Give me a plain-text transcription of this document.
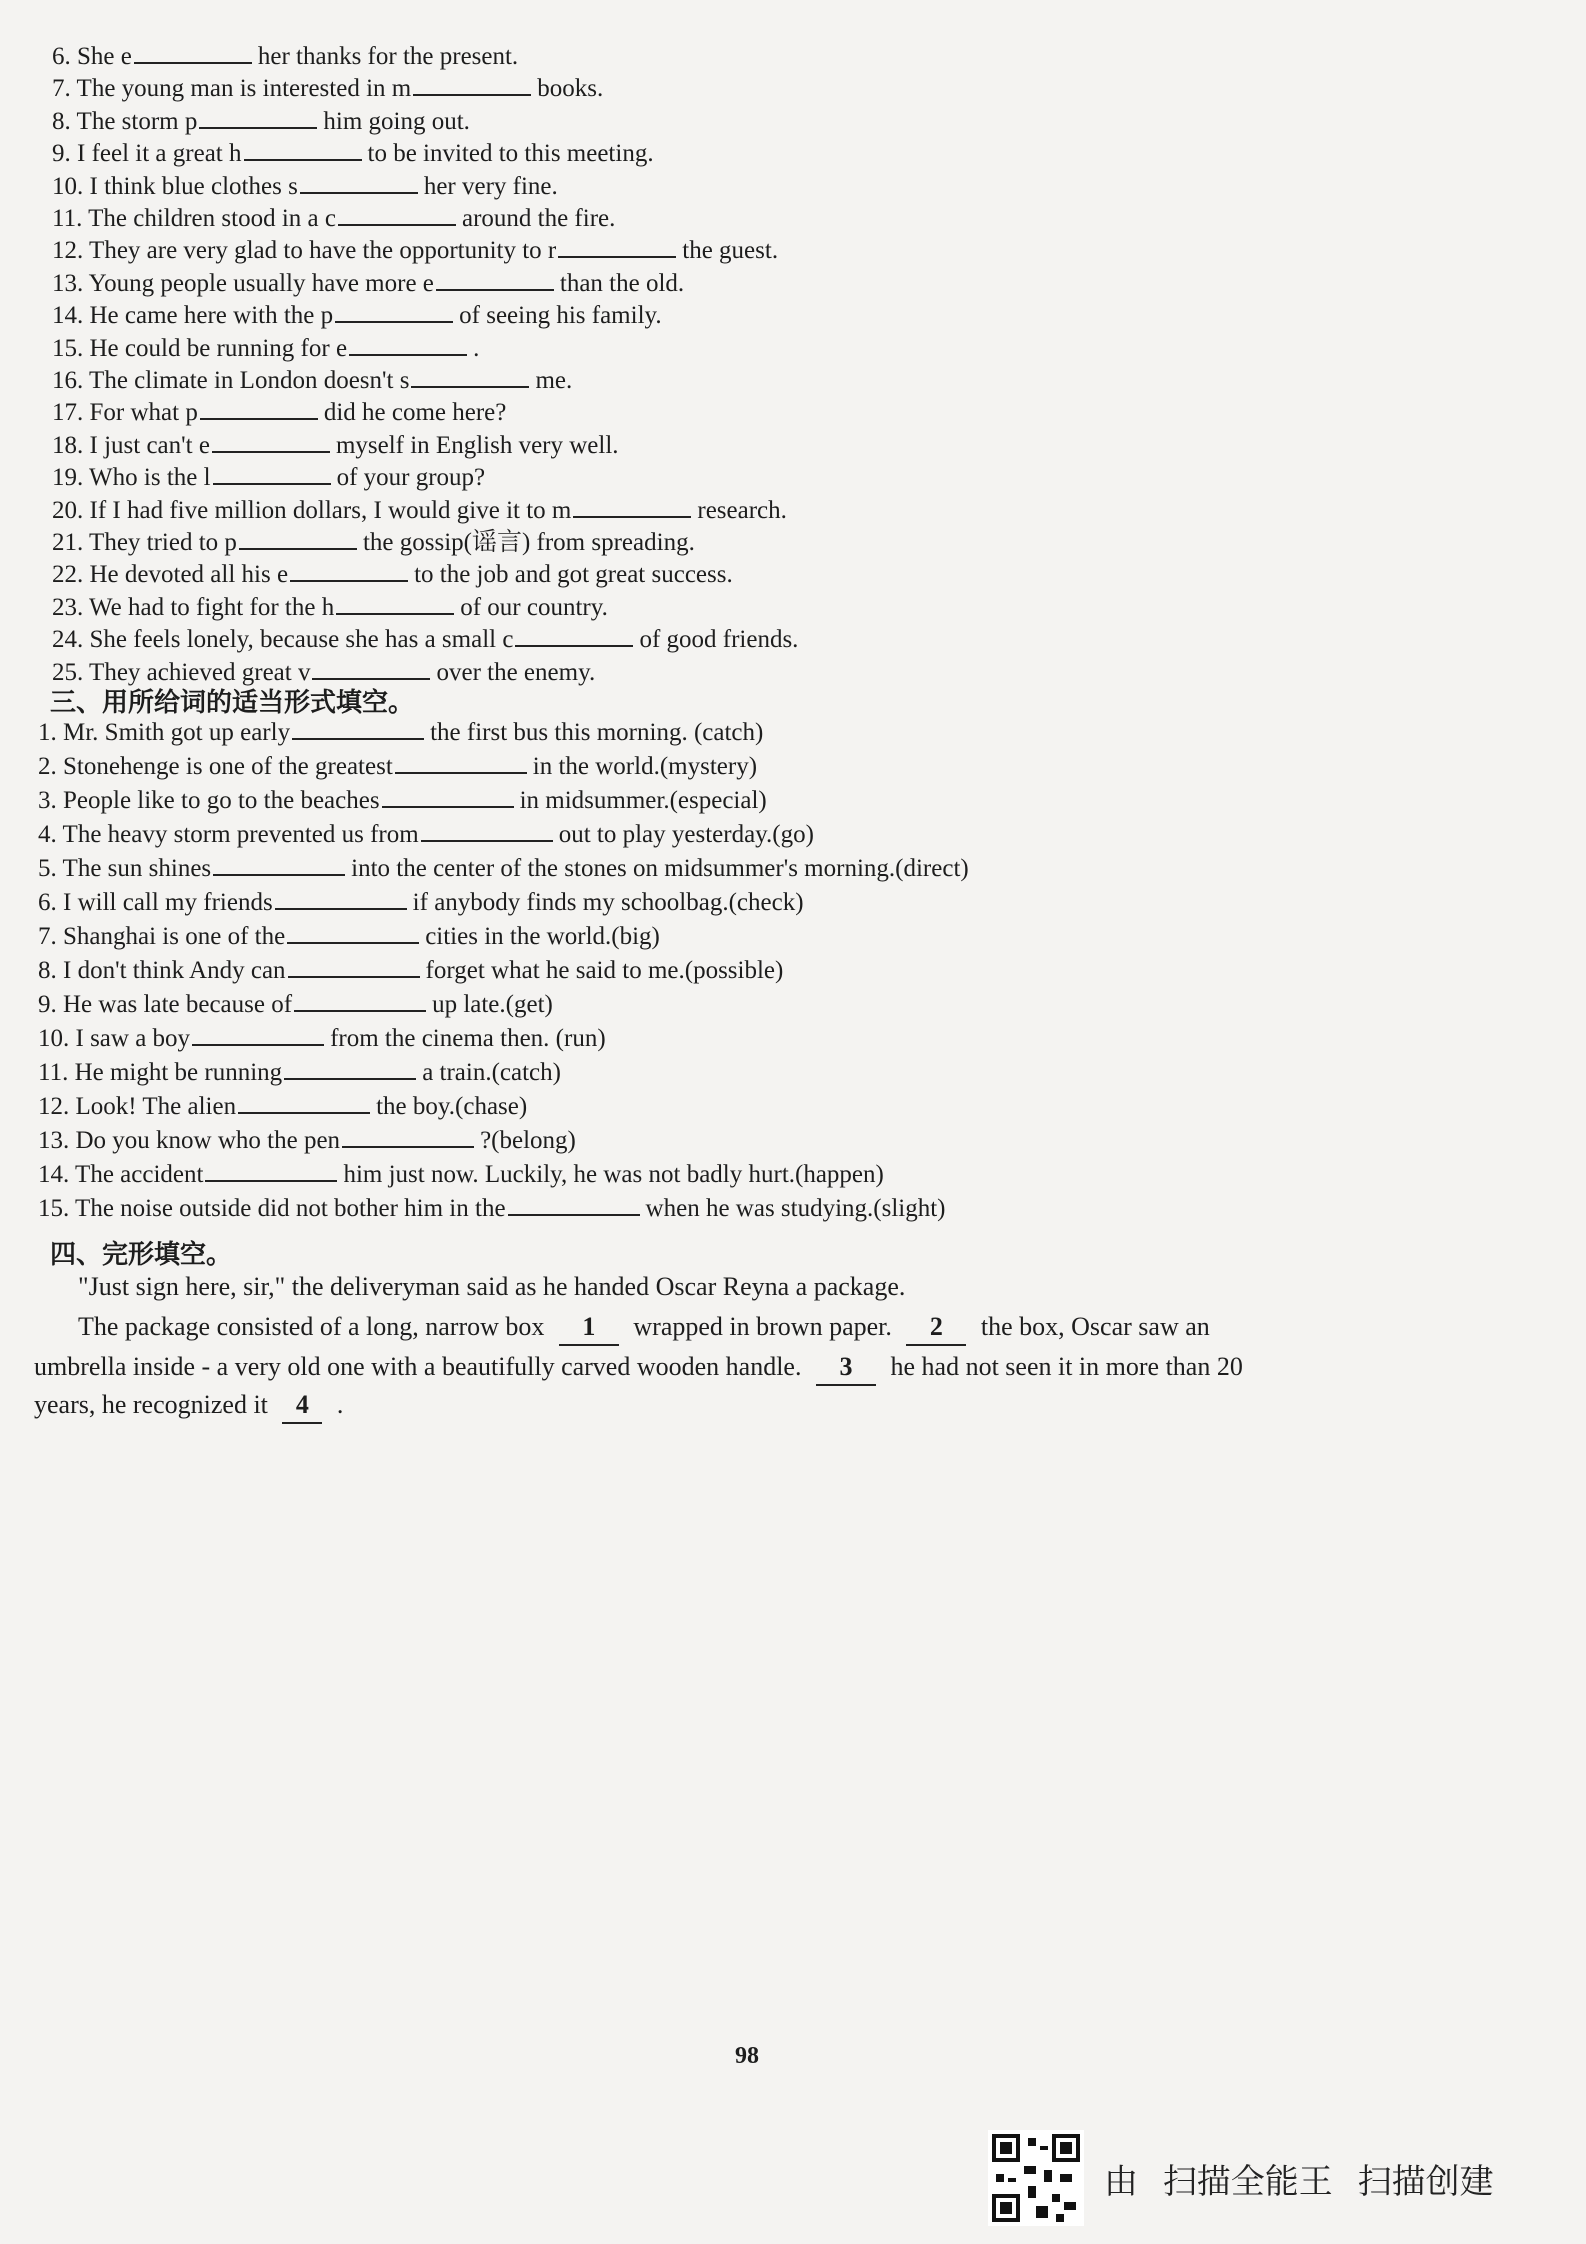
6. She e	her thanks for the present.
7. The young man is interested in m	books.
8. The storm p	him going out.
9. I feel it a great h	to be invited to this meeting.
10. I think blue clothes s	her very fine.
11. The children stood in a c	around the fire.
12. They are very glad to have the opportunity to r	the guest.
13. Young people usually have more e	than the old.
14. He came here with the p	of seeing his family.
15. He could be running for e	.
16. The climate in London doesn't s	me.
17. For what p	did he come here?
18. I just can't e	myself in English very well.
19. Who is the l	of your group?
20. If I had five million dollars, I would give it to m	research.
21. They tried to p	the gossip(谣言) from spreading.
22. He devoted all his e	to the job and got great success.
23. We had to fight for the h	of our country.
24. She feels lonely, because she has a small c	of good friends.
25. They achieved great v	over the enemy.
三、用所给词的适当形式填空。
1. Mr. Smith got up early	the first bus this morning. (catch)
2. Stonehenge is one of the greatest	in the world.(mystery)
3. People like to go to the beaches	in midsummer.(especial)
4. The heavy storm prevented us from	out to play yesterday.(go)
5. The sun shines	into the center of the stones on midsummer's morning.(direct)
6. I will call my friends	if anybody finds my schoolbag.(check)
7. Shanghai is one of the	cities in the world.(big)
8. I don't think Andy can	forget what he said to me.(possible)
9. He was late because of	up late.(get)
10. I saw a boy	from the cinema then. (run)
11. He might be running	a train.(catch)
12. Look! The alien	the boy.(chase)
13. Do you know who the pen	?(belong)
14. The accident	him just now. Luckily, he was not badly hurt.(happen)
15. The noise outside did not bother him in the	when he was studying.(slight)
四、完形填空。
"Just sign here, sir," the deliveryman said as he handed Oscar Reyna a package.
The package consisted of a long, narrow box 1 wrapped in brown paper. 2 the box, Oscar saw an
umbrella inside - a very old one with a beautifully carved wooden handle. 3 he had not seen it in more than 20
years, he recognized it 4 .
98
由 扫描全能王 扫描创建
